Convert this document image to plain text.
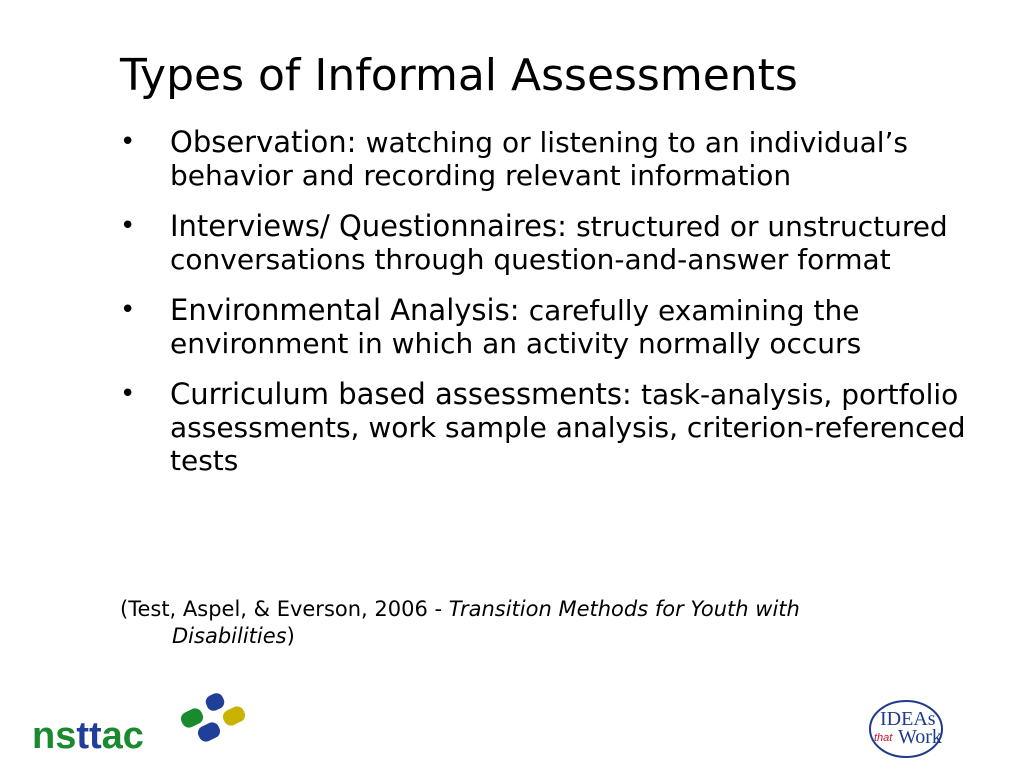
Types of Informal Assessments
• Observation: watching or listening to an individual’s behavior and recording relevant information
• Interviews/ Questionnaires: structured or unstructured conversations through question-and-answer format
• Environmental Analysis: carefully examining the environment in which an activity normally occurs
• Curriculum based assessments: task-analysis, portfolio assessments, work sample analysis, criterion-referenced tests
(Test, Aspel, & Everson, 2006 - Transition Methods for Youth with
Disabilities)
nsttac	IDEAs
that Work
